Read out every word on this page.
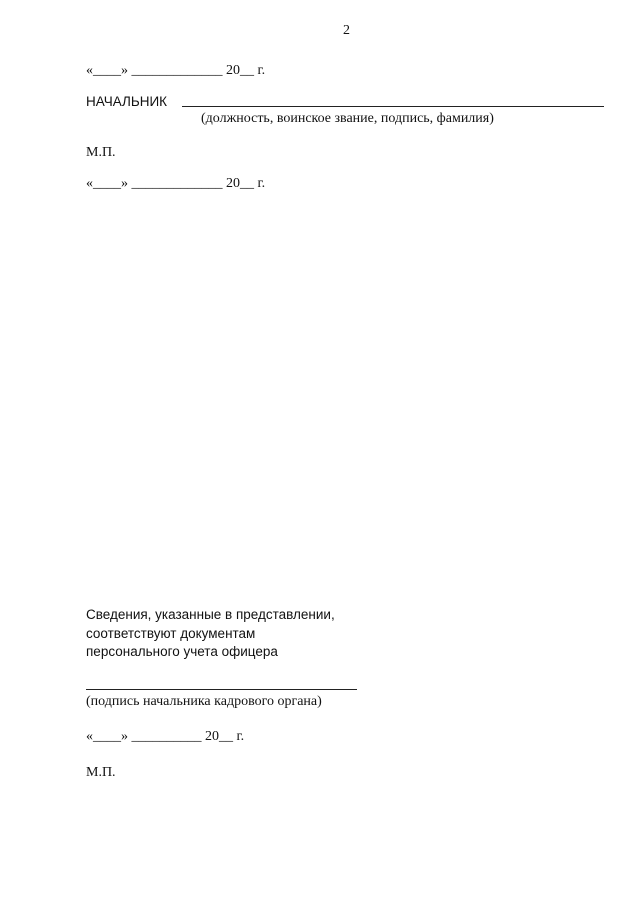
2
«____» _____________ 20__ г.
НАЧАЛЬНИК
(должность, воинское звание, подпись, фамилия)
М.П.
«____» _____________ 20__ г.
Сведения, указанные в представлении,
соответствуют документам
персонального учета офицера
(подпись начальника кадрового органа)
«____» __________ 20__ г.
М.П.
